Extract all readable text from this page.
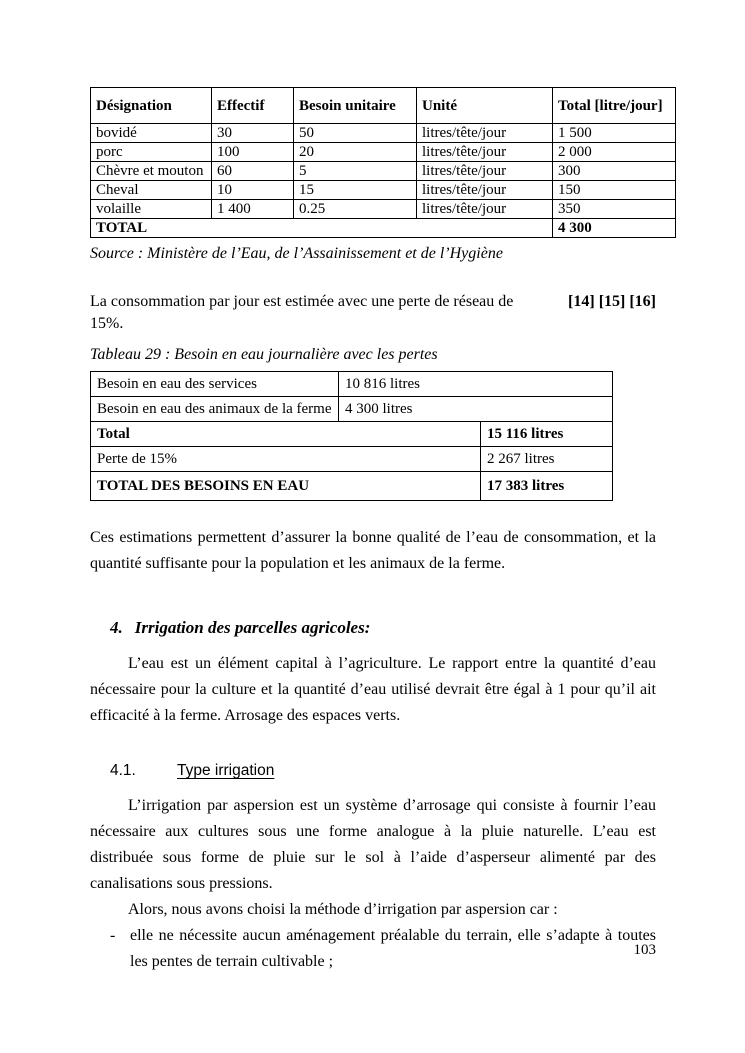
Désignation	Effectif	Besoin unitaire	Unité	Total [litre/jour]
bovidé	30	50	litres/tête/jour	1 500
porc	100	20	litres/tête/jour	2 000
Chèvre et mouton	60	5	litres/tête/jour	300
Cheval	10	15	litres/tête/jour	150
volaille	1 400	0.25	litres/tête/jour	350
TOTAL				4 300
Source : Ministère de l’Eau, de l’Assainissement et de l’Hygiène
La consommation par jour est estimée avec une perte de réseau de 15%.
[14] [15] [16]
Tableau 29 : Besoin en eau journalière avec les pertes
Besoin en eau des services	10 816 litres
Besoin en eau des animaux de la ferme 4 300 litres
Total	15 116 litres
Perte de 15%	2 267 litres
TOTAL DES BESOINS EN EAU	17 383 litres

Ces estimations permettent d’assurer la bonne qualité de l’eau de consommation, et la quantité suffisante pour la population et les animaux de la ferme.

4. Irrigation des parcelles agricoles:

L’eau est un élément capital à l’agriculture. Le rapport entre la quantité d’eau nécessaire pour la culture et la quantité d’eau utilisé devrait être égal à 1 pour qu’il ait efficacité à la ferme. Arrosage des espaces verts.

4.1.	Type irrigation

L’irrigation par aspersion est un système d’arrosage qui consiste à fournir l’eau nécessaire aux cultures sous une forme analogue à la pluie naturelle. L’eau est distribuée sous forme de pluie sur le sol à l’aide d’asperseur alimenté par des canalisations sous pressions.

Alors, nous avons choisi la méthode d’irrigation par aspersion car :

- elle ne nécessite aucun aménagement préalable du terrain, elle s’adapte à toutes les pentes de terrain cultivable ;
103
